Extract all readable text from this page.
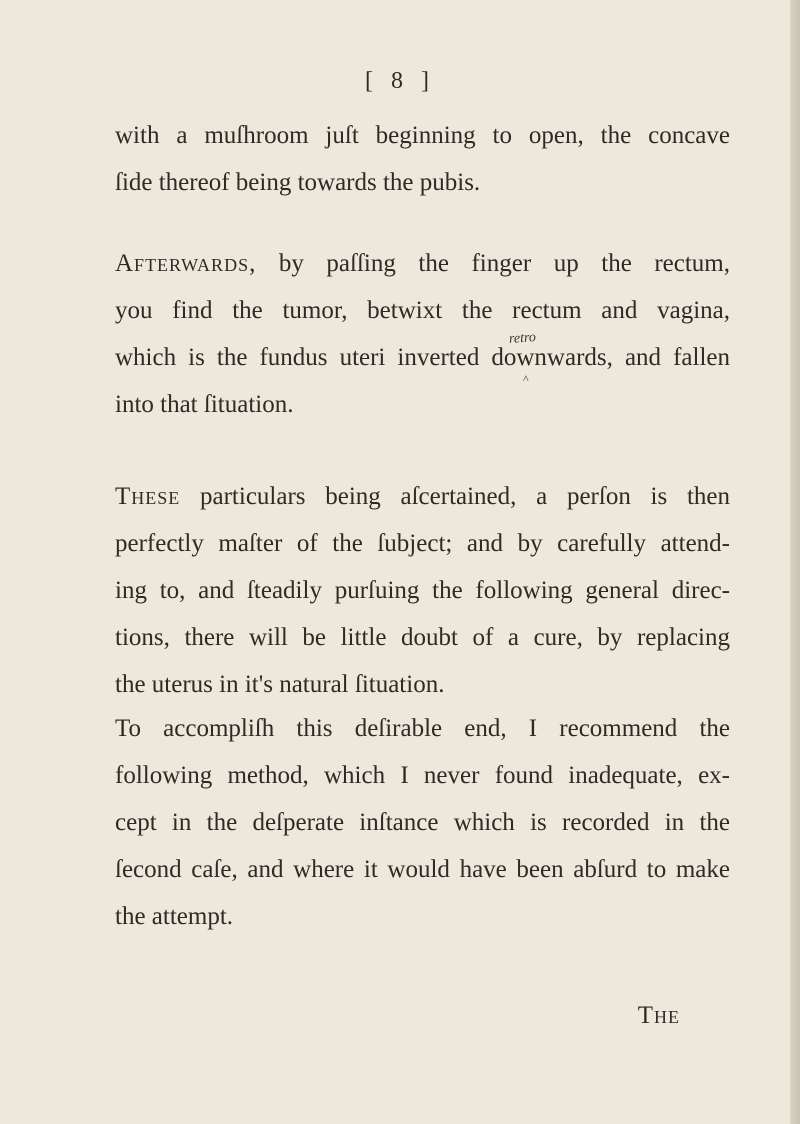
[ 8 ]
with a muſhroom juſt beginning to open, the concave
ſide thereof being towards the pubis.
Afterwards, by paſſing the finger up the rectum,
you find the tumor, betwixt the rectum and vagina,
which is the fundus uteri inverted downwards, and fallen
into that ſituation.
These particulars being aſcertained, a perſon is then
perfectly maſter of the ſubject; and by carefully attend-
ing to, and ſteadily purſuing the following general direc-
tions, there will be little doubt of a cure, by replacing
the uterus in it's natural ſituation.
To accompliſh this deſirable end, I recommend the
following method, which I never found inadequate, ex-
cept in the deſperate inſtance which is recorded in the
ſecond caſe, and where it would have been abſurd to make
the attempt.
retro
^
The
